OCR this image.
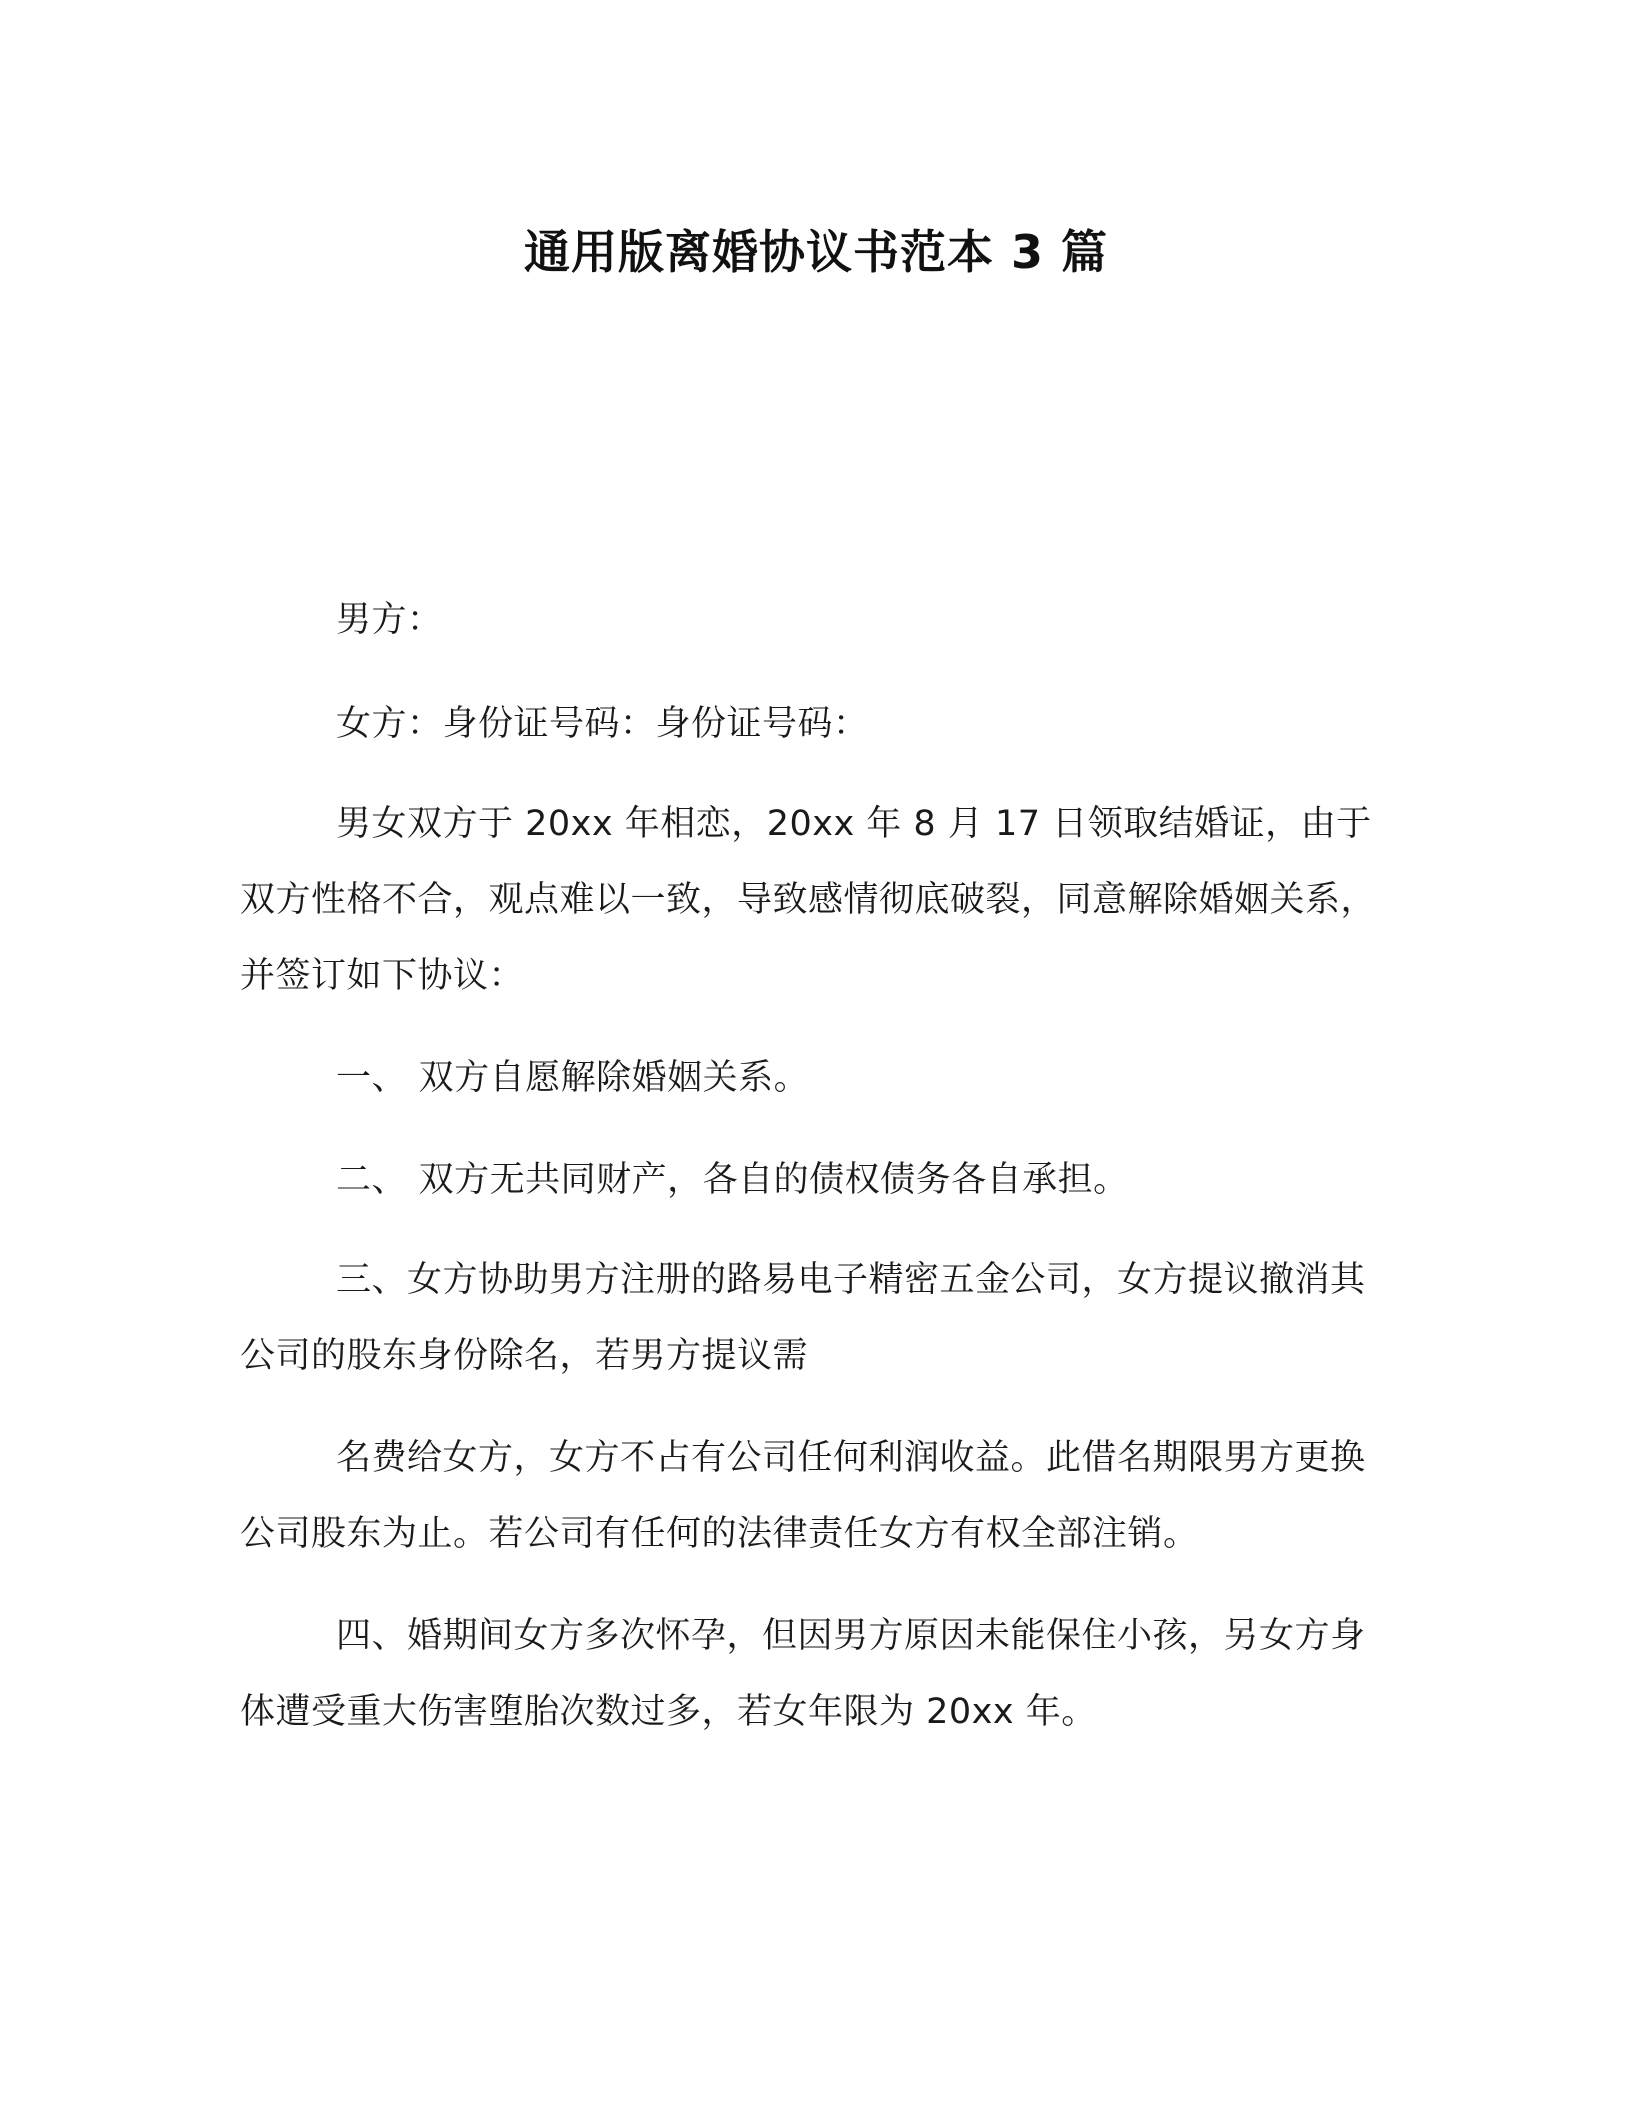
通用版离婚协议书范本 3 篇
男方：
女方：身份证号码：身份证号码：
男女双方于 20xx 年相恋，20xx 年 8 月 17 日领取结婚证，由于双方性格不合，观点难以一致，导致感情彻底破裂，同意解除婚姻关系，并签订如下协议：
一、 双方自愿解除婚姻关系。
二、 双方无共同财产，各自的债权债务各自承担。
三、女方协助男方注册的路易电子精密五金公司，女方提议撤消其公司的股东身份除名，若男方提议需
名费给女方，女方不占有公司任何利润收益。此借名期限男方更换公司股东为止。若公司有任何的法律责任女方有权全部注销。
四、婚期间女方多次怀孕，但因男方原因未能保住小孩，另女方身体遭受重大伤害堕胎次数过多，若女年限为 20xx 年。
